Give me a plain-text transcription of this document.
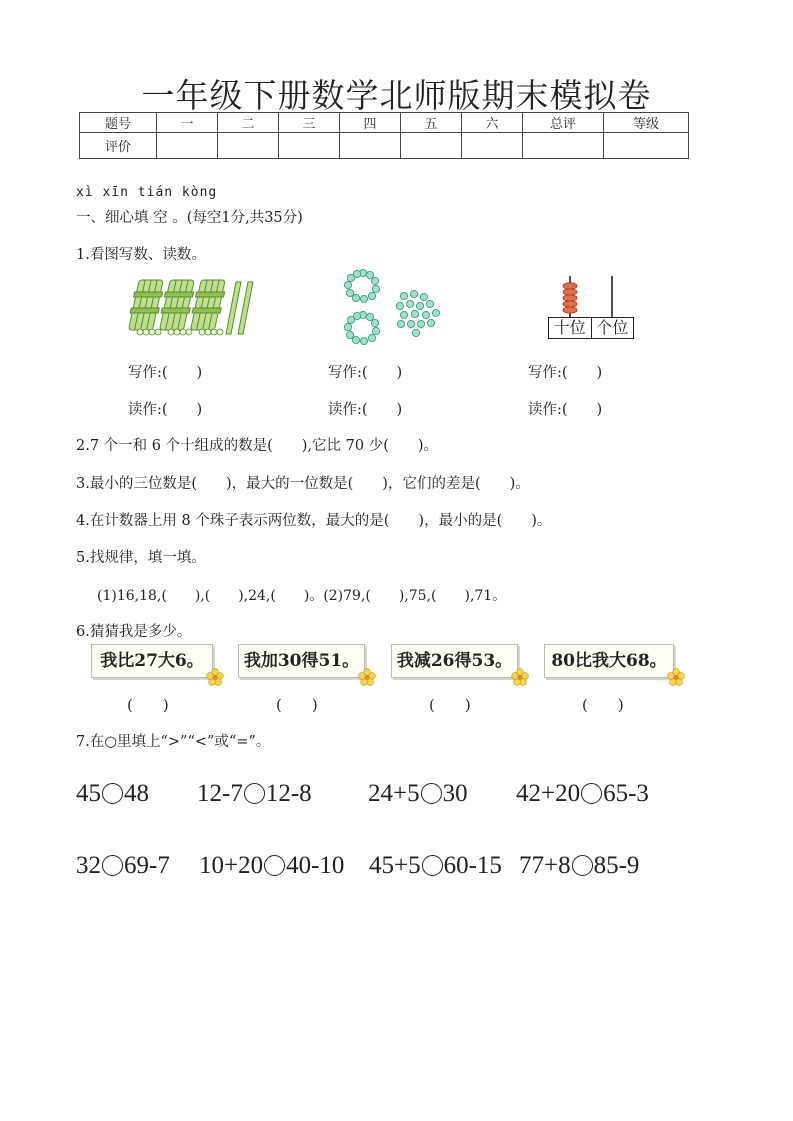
一年级下册数学北师版期末模拟卷
题号	一	二	三	四	五	六	总评	等级
评价								
xì xīn tián kòng
一、细心填 空 。(每空1分,共35分)
1.看图写数、读数。
十位 个位
写作:(　　)	写作:(　　)	写作:(　　)
读作:(　　)	读作:(　　)	读作:(　　)
2.7 个一和 6 个十组成的数是(　　),它比 70 少(　　)。
3.最小的三位数是(　　)，最大的一位数是(　　)，它们的差是(　　)。
4.在计数器上用 8 个珠子表示两位数，最大的是(　　)，最小的是(　　)。
5.找规律，填一填。
(1)16,18,(　　),(　　),24,(　　)。(2)79,(　　),75,(　　),71。
6.猜猜我是多少。
我比27大6。	我加30得51。	我减26得53。	80比我大68。
(　　)	(　　)	(　　)	(　　)
7.在○里填上“>”“<”或“=”。
45 48 12-7 12-8 24+5 30 42+20 65-3
32 69-7 10+20 40-10 45+5 60-15 77+8 85-9
